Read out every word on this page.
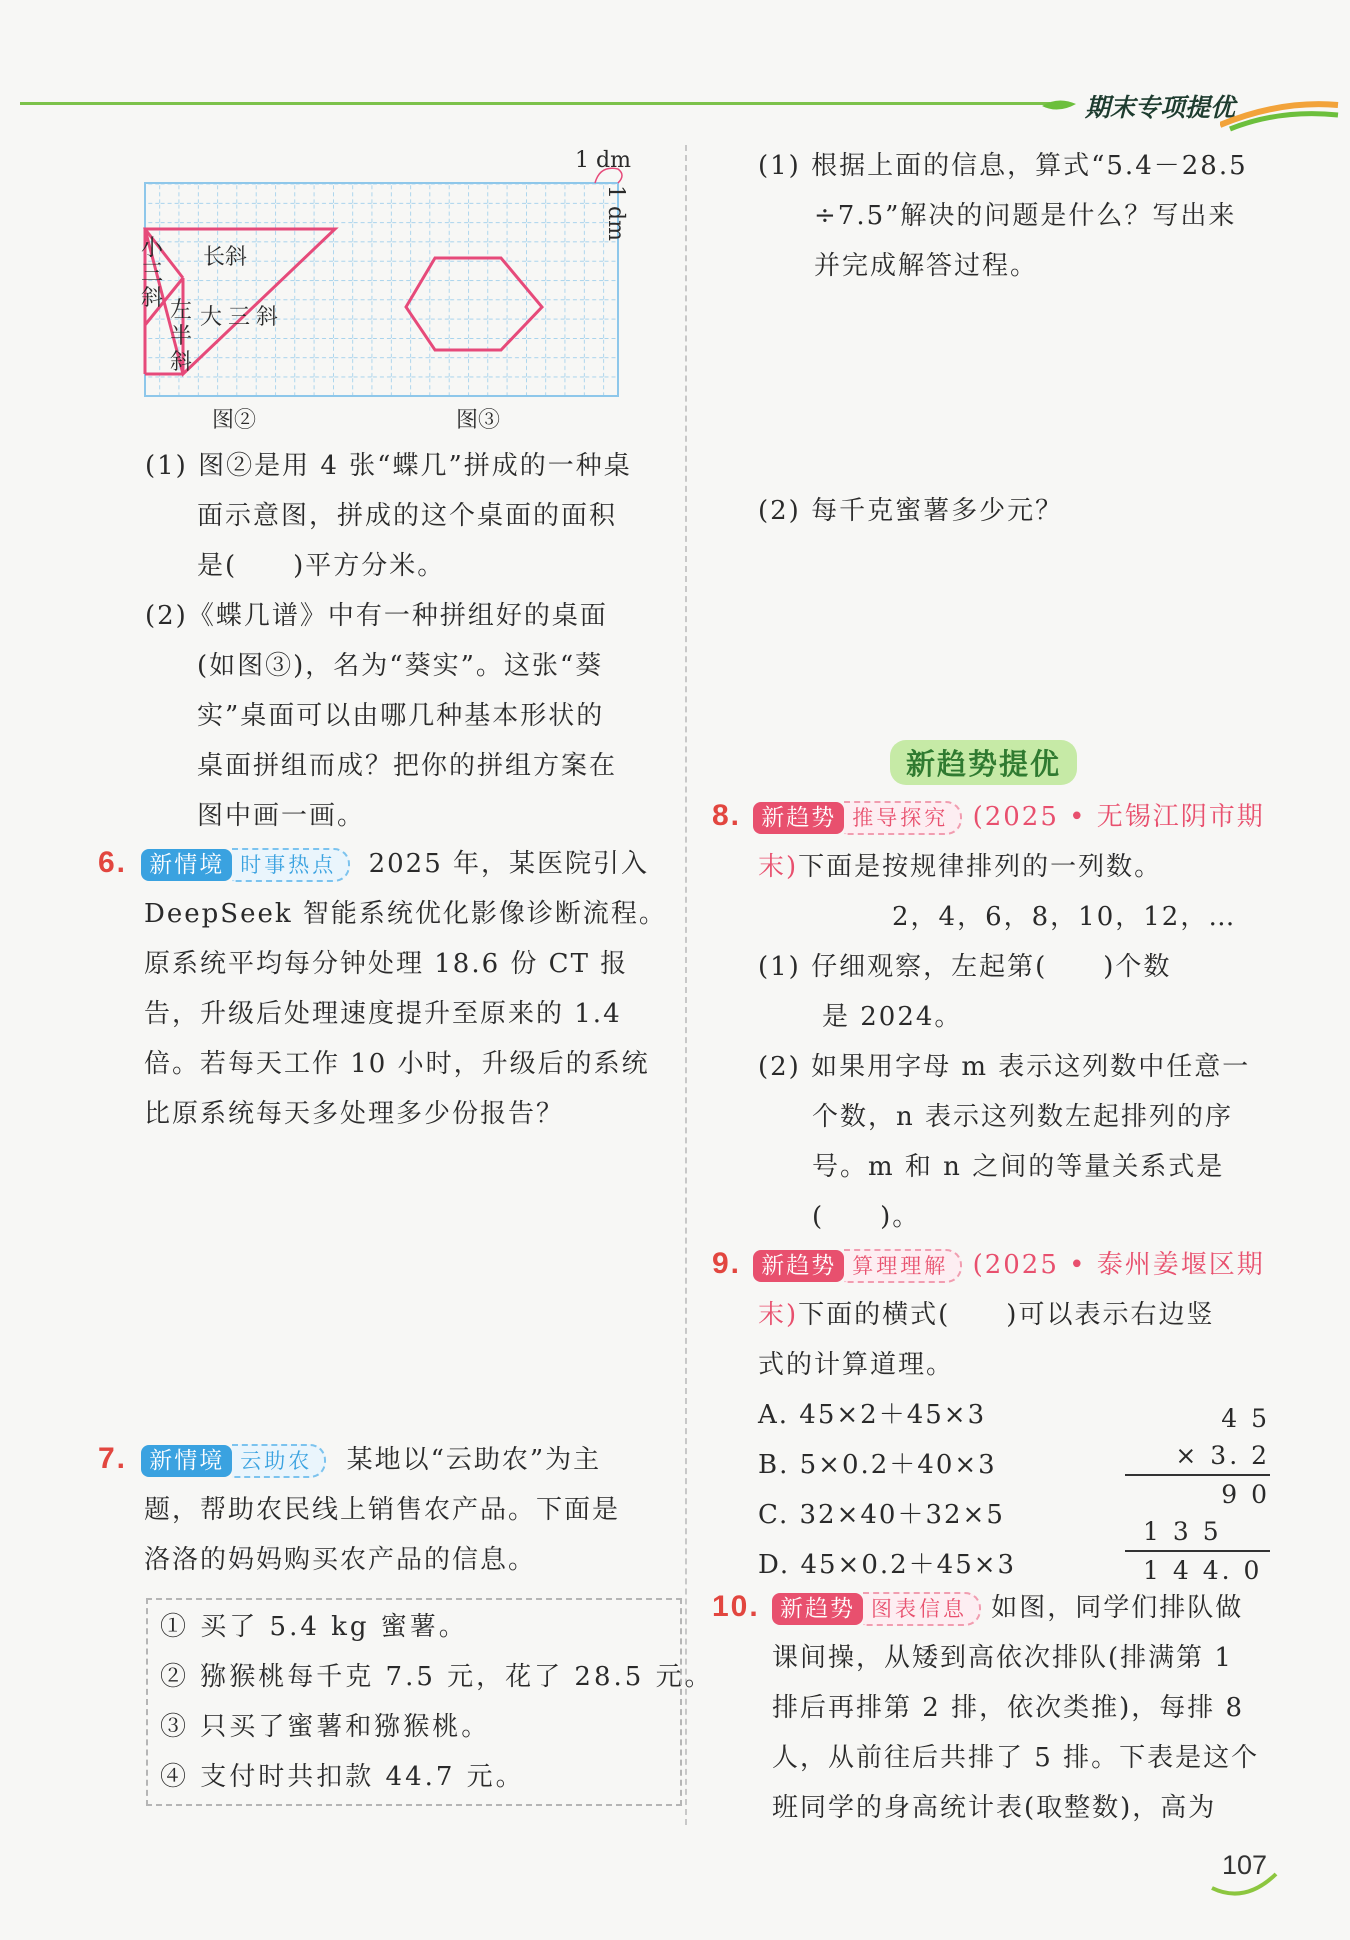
期末专项提优
1 dm
1 dm
长斜
小三斜 左半斜
大三斜
图②	图③
(1) 图②是用 4 张“蝶几”拼成的一种桌
面示意图，拼成的这个桌面的面积
是(　　)平方分米。
(2)《蝶几谱》中有一种拼组好的桌面
(如图③)，名为“葵实”。这张“葵
实”桌面可以由哪几种基本形状的
桌面拼组而成？把你的拼组方案在
图中画一画。
6. 新情境 时事热点	2025 年，某医院引入
DeepSeek 智能系统优化影像诊断流程。
原系统平均每分钟处理 18.6 份 CT 报
告，升级后处理速度提升至原来的 1.4
倍。若每天工作 10 小时，升级后的系统
比原系统每天多处理多少份报告？
7. 新情境 云助农	某地以“云助农”为主
题，帮助农民线上销售农产品。下面是
洛洛的妈妈购买农产品的信息。
① 买了 5.4 kg 蜜薯。
② 猕猴桃每千克 7.5 元，花了 28.5 元。
③ 只买了蜜薯和猕猴桃。
④ 支付时共扣款 44.7 元。
(1) 根据上面的信息，算式“5.4－28.5
÷7.5”解决的问题是什么？写出来
并完成解答过程。
(2) 每千克蜜薯多少元？
新趋势提优
8. 新趋势 推导探究 (2025 • 无锡江阴市期
末)下面是按规律排列的一列数。
2，4，6，8，10，12，…
(1) 仔细观察，左起第(　　)个数
是 2024。
(2) 如果用字母 m 表示这列数中任意一
个数，n 表示这列数左起排列的序
号。m 和 n 之间的等量关系式是
(　　)。
9. 新趋势 算理理解 (2025 • 泰州姜堰区期
末)下面的横式(　　)可以表示右边竖
式的计算道理。
A. 45×2＋45×3
B. 5×0.2＋40×3
C. 32×40＋32×5
D. 45×0.2＋45×3
4 5
× 3. 2
9 0
1 3 5
1 4 4. 0
10. 新趋势 图表信息 如图，同学们排队做
课间操，从矮到高依次排队(排满第 1
排后再排第 2 排，依次类推)，每排 8
人，从前往后共排了 5 排。下表是这个
班同学的身高统计表(取整数)，高为
107
